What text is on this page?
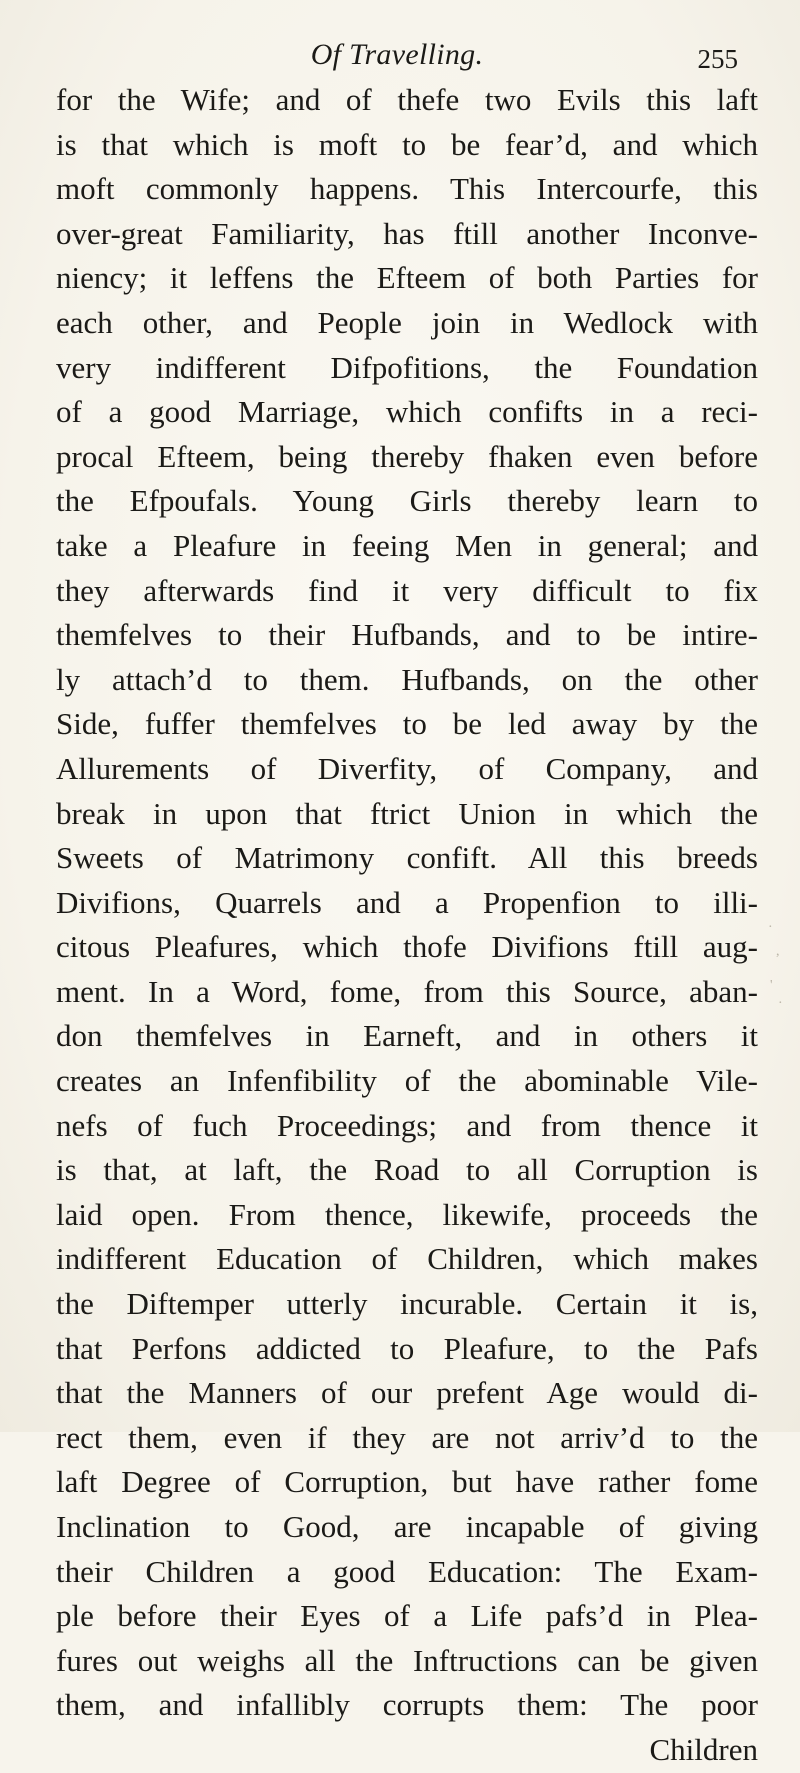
Of Travelling.	255
for the Wife; and of thefe two Evils this laft
is that which is moft to be fear’d, and which
moft commonly happens. This Intercourfe, this
over-great Familiarity, has ftill another Inconve-
niency; it leffens the Efteem of both Parties for
each other, and People join in Wedlock with
very indifferent Difpofitions, the Foundation
of a good Marriage, which confifts in a reci-
procal Efteem, being thereby fhaken even before
the Efpoufals. Young Girls thereby learn to
take a Pleafure in feeing Men in general; and
they afterwards find it very difficult to fix
themfelves to their Hufbands, and to be intire-
ly attach’d to them. Hufbands, on the other
Side, fuffer themfelves to be led away by the
Allurements of Diverfity, of Company, and
break in upon that ftrict Union in which the
Sweets of Matrimony confift. All this breeds
Divifions, Quarrels and a Propenfion to illi-
citous Pleafures, which thofe Divifions ftill aug-
ment. In a Word, fome, from this Source, aban-
don themfelves in Earneft, and in others it
creates an Infenfibility of the abominable Vile-
nefs of fuch Proceedings; and from thence it
is that, at laft, the Road to all Corruption is
laid open. From thence, likewife, proceeds the
indifferent Education of Children, which makes
the Diftemper utterly incurable. Certain it is,
that Perfons addicted to Pleafure, to the Pafs
that the Manners of our prefent Age would di-
rect them, even if they are not arriv’d to the
laft Degree of Corruption, but have rather fome
Inclination to Good, are incapable of giving
their Children a good Education: The Exam-
ple before their Eyes of a Life pafs’d in Plea-
fures out weighs all the Inftructions can be given
them, and infallibly corrupts them: The poor
Children
·
,
'
·
